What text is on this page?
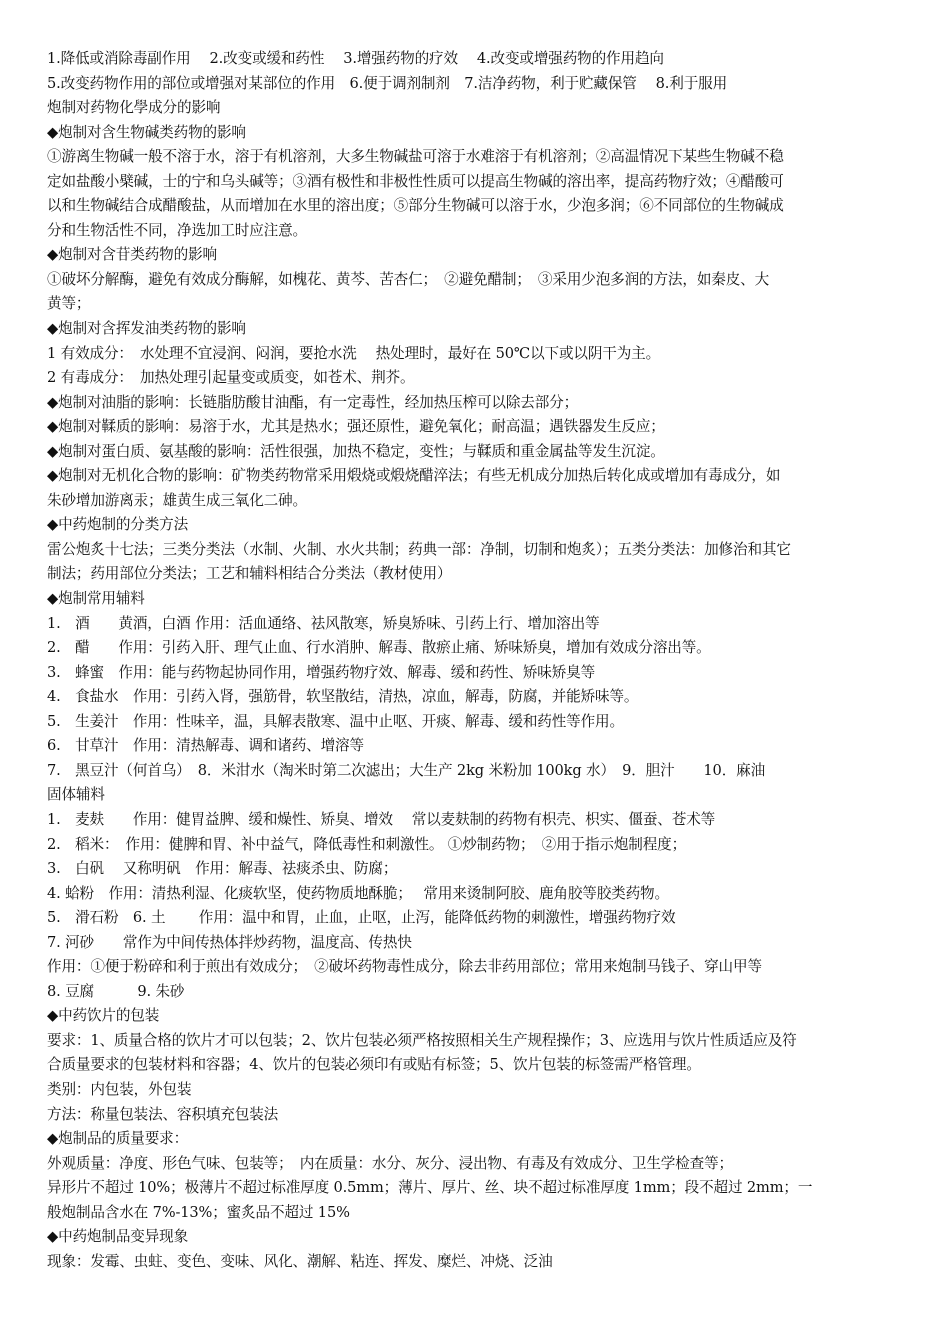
1.降低或消除毒副作用　 2.改变或缓和药性　 3.增强药物的疗效　 4.改变或增强药物的作用趋向
5.改变药物作用的部位或增强对某部位的作用　6.便于调剂制剂　7.洁净药物，利于贮藏保管　 8.利于服用
炮制对药物化學成分的影响
◆炮制对含生物碱类药物的影响
①游离生物碱一般不溶于水，溶于有机溶剂，大多生物碱盐可溶于水难溶于有机溶剂；②高温情况下某些生物碱不稳
定如盐酸小檗碱，士的宁和乌头碱等；③酒有极性和非极性性质可以提高生物碱的溶出率，提高药物疗效；④醋酸可
以和生物碱结合成醋酸盐，从而增加在水里的溶出度；⑤部分生物碱可以溶于水，少泡多润；⑥不同部位的生物碱成
分和生物活性不同，净选加工时应注意。
◆炮制对含苷类药物的影响
①破坏分解酶，避免有效成分酶解，如槐花、黄芩、苦杏仁；　②避免醋制；　③采用少泡多润的方法，如秦皮、大
黄等；
◆炮制对含挥发油类药物的影响
1 有效成分：　水处理不宜浸润、闷润，要抢水洗　 热处理时，最好在 50℃以下或以阴干为主。
2 有毒成分：　加热处理引起量变或质变，如苍术、荆芥。
◆炮制对油脂的影响：长链脂肪酸甘油酯，有一定毒性，经加热压榨可以除去部分；
◆炮制对鞣质的影响：易溶于水，尤其是热水；强还原性，避免氧化；耐高温；遇铁器发生反应；
◆炮制对蛋白质、氨基酸的影响：活性很强，加热不稳定，变性；与鞣质和重金属盐等发生沉淀。
◆炮制对无机化合物的影响：矿物类药物常采用煅烧或煅烧醋淬法；有些无机成分加热后转化成或增加有毒成分，如
朱砂增加游离汞；雄黄生成三氧化二砷。
◆中药炮制的分类方法
雷公炮炙十七法；三类分类法（水制、火制、水火共制；药典一部：净制，切制和炮炙）；五类分类法：加修治和其它
制法；药用部位分类法；工艺和辅料相结合分类法（教材使用）
◆炮制常用辅料
1.　酒　　黄酒，白酒 作用：活血通络、祛风散寒，矫臭矫味、引药上行、增加溶出等
2.　醋　　作用：引药入肝、理气止血、行水消肿、解毒、散瘀止痛、矫味矫臭，增加有效成分溶出等。
3.　蜂蜜　作用：能与药物起协同作用，增强药物疗效、解毒、缓和药性、矫味矫臭等
4.　食盐水　作用：引药入肾，强筋骨，软坚散结，清热，凉血，解毒，防腐，并能矫味等。
5.　生姜汁　作用：性味辛，温，具解表散寒、温中止呕、开痰、解毒、缓和药性等作用。
6.　甘草汁　作用：清热解毒、调和诸药、增溶等
7.　黑豆汁（何首乌）　8．米泔水（淘米时第二次滤出；大生产 2kg 米粉加 100kg 水）　9．胆汁　　10．麻油
固体辅料
1.　麦麸　　作用：健胃益脾、缓和燥性、矫臭、增效　 常以麦麸制的药物有枳壳、枳实、僵蚕、苍术等
2.　稻米：　作用：健脾和胃、补中益气，降低毒性和刺激性。 ①炒制药物；　②用于指示炮制程度；
3.　白矾　 又称明矾　作用：解毒、祛痰杀虫、防腐；
4. 蛤粉　作用：清热利湿、化痰软坚，使药物质地酥脆；　 常用来烫制阿胶、鹿角胶等胶类药物。
5.　滑石粉　6. 土　　 作用：温中和胃，止血，止呕，止泻，能降低药物的刺激性，增强药物疗效
7. 河砂　　常作为中间传热体拌炒药物，温度高、传热快
作用：①便于粉碎和利于煎出有效成分；　②破坏药物毒性成分，除去非药用部位；常用来炮制马钱子、穿山甲等
8. 豆腐　　　9. 朱砂
◆中药饮片的包装
要求：1、质量合格的饮片才可以包装；2、饮片包装必须严格按照相关生产规程操作；3、应选用与饮片性质适应及符
合质量要求的包装材料和容器；4、饮片的包装必须印有或贴有标签；5、饮片包装的标签需严格管理。
类别：内包装，外包装
方法：称量包装法、容积填充包装法
◆炮制品的质量要求：
外观质量：净度、形色气味、包装等；　内在质量：水分、灰分、浸出物、有毒及有效成分、卫生学检查等；
异形片不超过 10%；极薄片不超过标准厚度 0.5mm；薄片、厚片、丝、块不超过标准厚度 1mm；段不超过 2mm；一
般炮制品含水在 7%-13%；蜜炙品不超过 15%
◆中药炮制品变异现象
现象：发霉、虫蛀、变色、变味、风化、潮解、粘连、挥发、糜烂、冲烧、泛油
